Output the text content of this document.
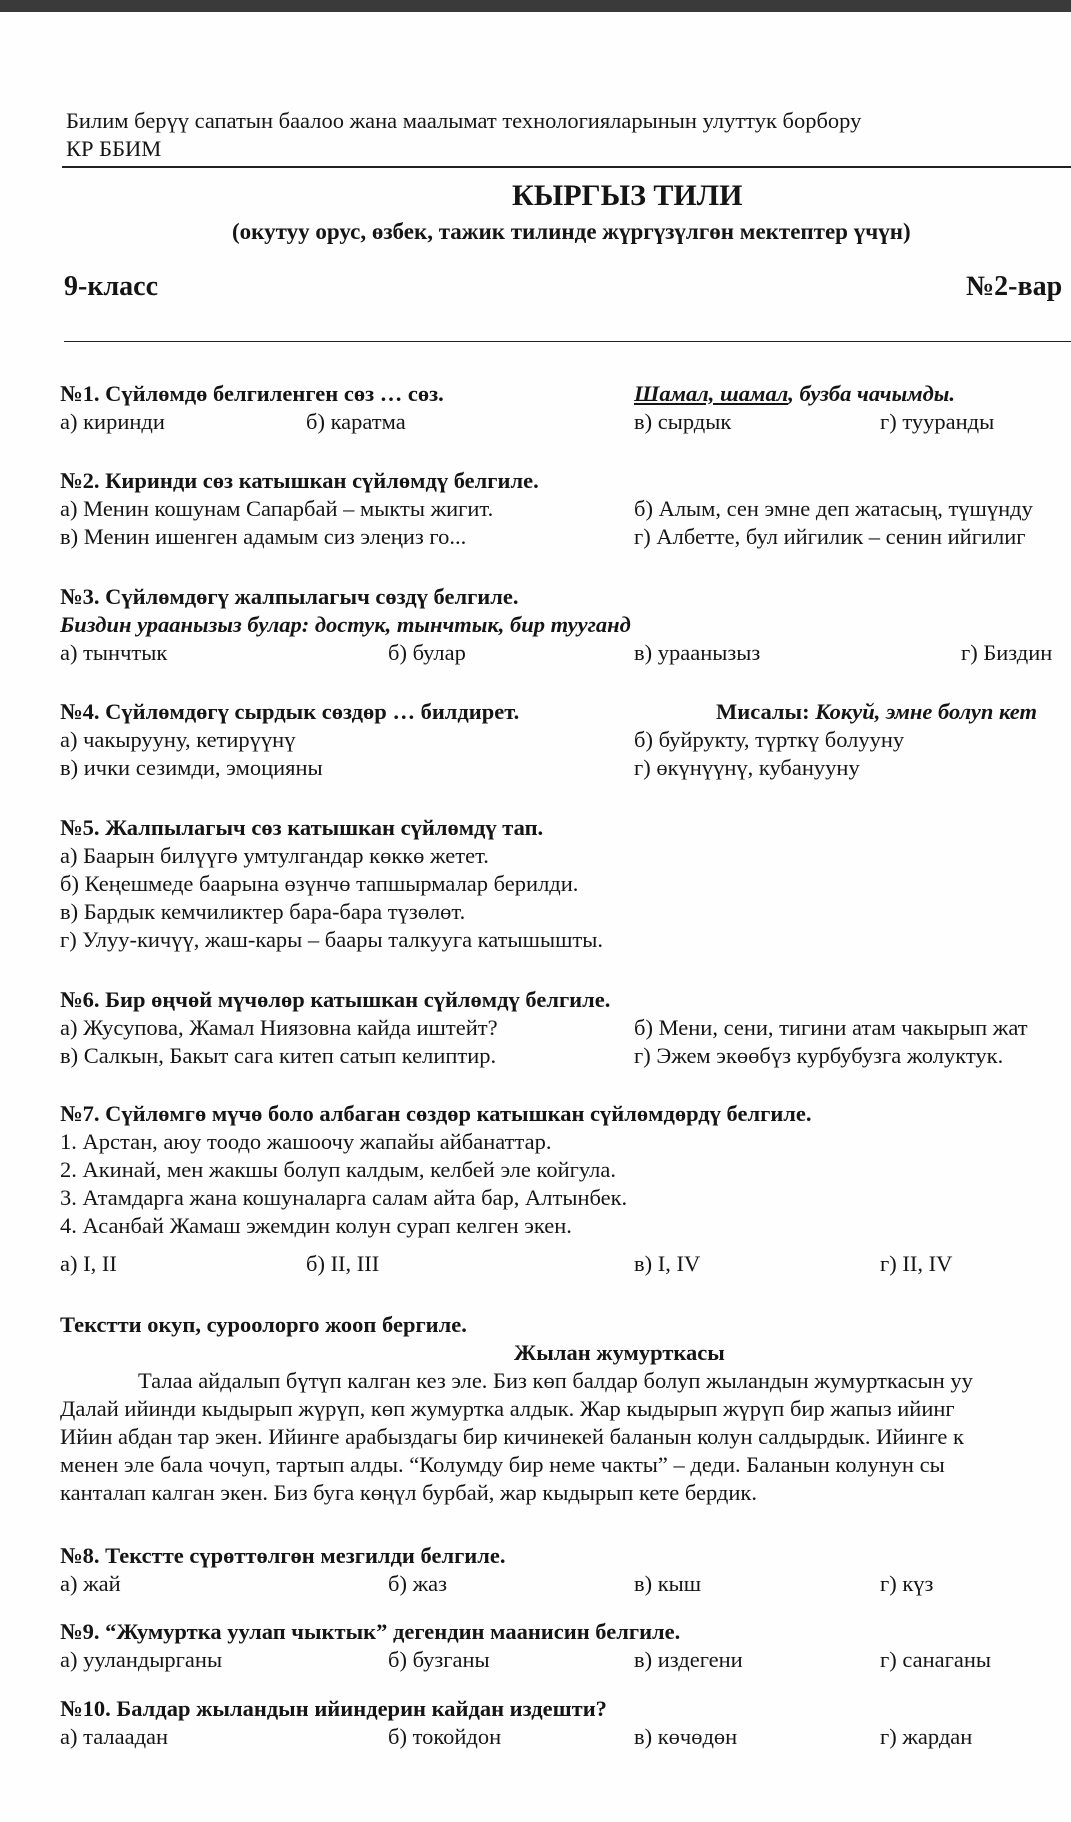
Билим берүү сапатын баалоо жана маалымат технологияларынын улуттук борбору
КР ББИМ
КЫРГЫЗ ТИЛИ
(окутуу орус, өзбек, тажик тилинде жүргүзүлгөн мектептер үчүн)
9-класс	№2-вар
№1. Сүйлөмдө белгиленген сөз … сөз.	Шамал, шамал, бузба чачымды.
а) киринди	б) каратма	в) сырдык	г) тууранды
№2. Киринди сөз катышкан сүйлөмдү белгиле.
а) Менин кошунам Сапарбай – мыкты жигит.	б) Алым, сен эмне деп жатасың, түшүнду
в) Менин ишенген адамым сиз элеңиз го...	г) Албетте, бул ийгилик – сенин ийгилиг
№3. Сүйлөмдөгү жалпылагыч сөздү белгиле.
Биздин ураанызыз булар: достук, тынчтык, бир тууганд
а) тынчтык	б) булар	в) ураанызыз	г) Биздин
№4. Сүйлөмдөгү сырдык сөздөр … билдирет.	Мисалы: Кокуй, эмне болуп кет
а) чакырууну, кетирүүнү	б) буйрукту, түрткү болууну
в) ички сезимди, эмоцияны	г) өкүнүүнү, кубанууну
№5. Жалпылагыч сөз катышкан сүйлөмдү тап.
а) Баарын билүүгө умтулгандар көккө жетет.
б) Кеңешмеде баарына өзүнчө тапшырмалар берилди.
в) Бардык кемчиликтер бара-бара түзөлөт.
г) Улуу-кичүү, жаш-кары – баары талкууга катышышты.
№6. Бир өңчөй мүчөлөр катышкан сүйлөмдү белгиле.
а) Жусупова, Жамал Ниязовна кайда иштейт?	б) Мени, сени, тигини атам чакырып жат
в) Салкын, Бакыт сага китеп сатып келиптир.	г) Эжем экөөбүз курбубузга жолуктук.
№7. Сүйлөмгө мүчө боло албаган сөздөр катышкан сүйлөмдөрдү белгиле.
1. Арстан, аюу тоодо жашоочу жапайы айбанаттар.
2. Акинай, мен жакшы болуп калдым, келбей эле койгула.
3. Атамдарга жана кошуналарга салам айта бар, Алтынбек.
4. Асанбай Жамаш эжемдин колун сурап келген экен.
а) I, II	б) II, III	в) I, IV	г) II, IV
Текстти окуп, суроолорго жооп бергиле.
Жылан жумурткасы
Талаа айдалып бүтүп калган кез эле. Биз көп балдар болуп жыландын жумурткасын уу
Далай ийинди кыдырып жүрүп, көп жумуртка алдык. Жар кыдырып жүрүп бир жапыз ийинг
Ийин абдан тар экен. Ийинге арабыздагы бир кичинекей баланын колун салдырдык. Ийинге к
менен эле бала чочуп, тартып алды. “Колумду бир неме чакты” – деди. Баланын колунун сы
канталап калган экен. Биз буга көңүл бурбай, жар кыдырып кете бердик.
№8. Текстте сүрөттөлгөн мезгилди белгиле.
а) жай	б) жаз	в) кыш	г) күз
№9. “Жумуртка уулап чыктык” дегендин маанисин белгиле.
а) ууландырганы	б) бузганы	в) издегени	г) санаганы
№10. Балдар жыландын ийиндерин кайдан издешти?
а) талаадан	б) токойдон	в) көчөдөн	г) жардан
